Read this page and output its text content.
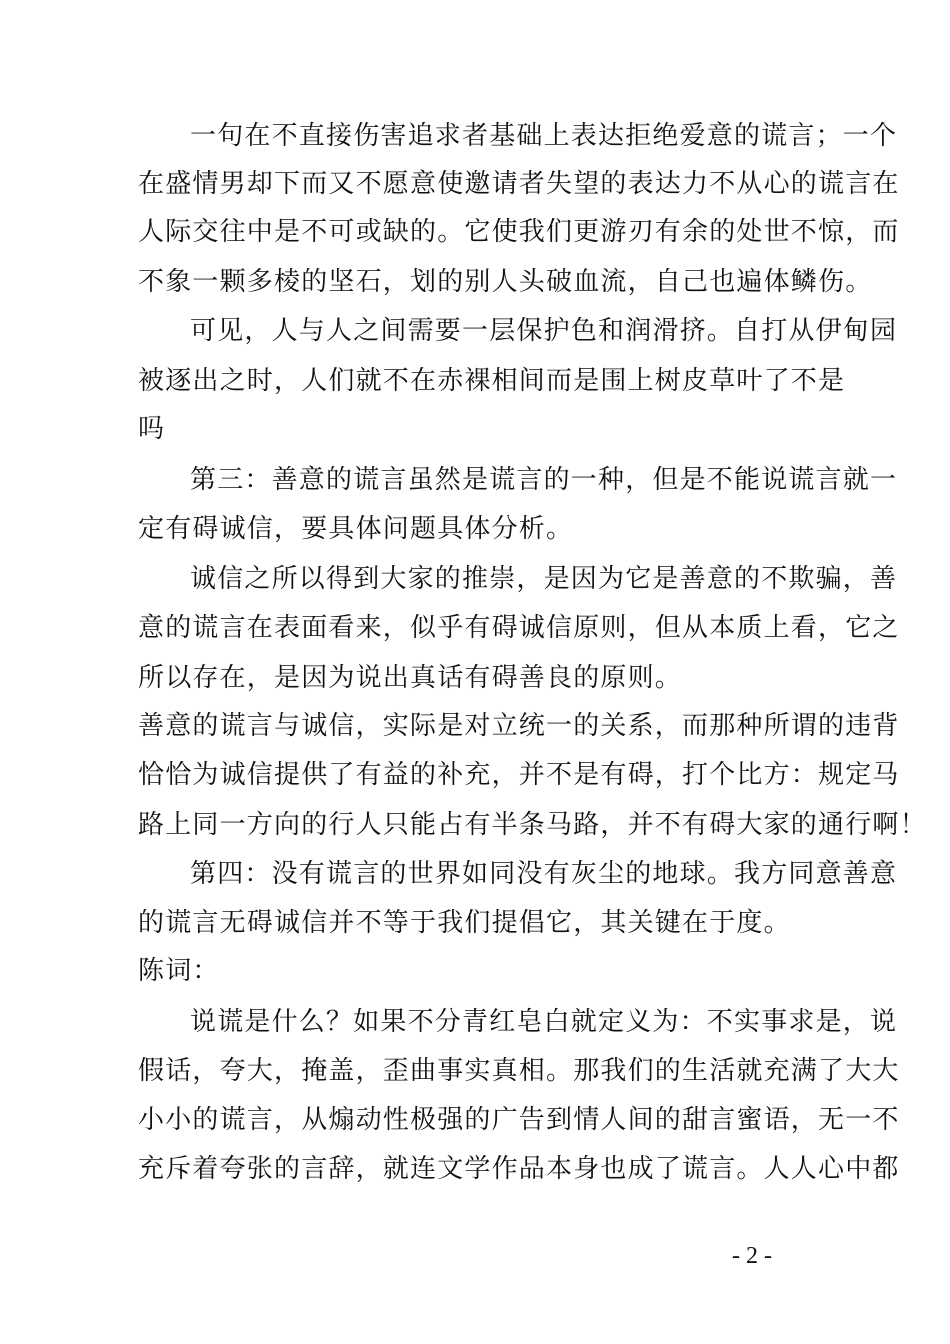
一句在不直接伤害追求者基础上表达拒绝爱意的谎言；一个
在盛情男却下而又不愿意使邀请者失望的表达力不从心的谎言在
人际交往中是不可或缺的。它使我们更游刃有余的处世不惊，而
不象一颗多棱的坚石，划的别人头破血流，自己也遍体鳞伤。
可见，人与人之间需要一层保护色和润滑挤。自打从伊甸园
被逐出之时，人们就不在赤裸相间而是围上树皮草叶了不是
吗
第三：善意的谎言虽然是谎言的一种，但是不能说谎言就一
定有碍诚信，要具体问题具体分析。
诚信之所以得到大家的推崇，是因为它是善意的不欺骗，善
意的谎言在表面看来，似乎有碍诚信原则，但从本质上看，它之
所以存在，是因为说出真话有碍善良的原则。
善意的谎言与诚信，实际是对立统一的关系，而那种所谓的违背
恰恰为诚信提供了有益的补充，并不是有碍，打个比方：规定马
路上同一方向的行人只能占有半条马路，并不有碍大家的通行啊！
第四：没有谎言的世界如同没有灰尘的地球。我方同意善意
的谎言无碍诚信并不等于我们提倡它，其关键在于度。
陈词：
说谎是什么？如果不分青红皂白就定义为：不实事求是，说
假话，夸大，掩盖，歪曲事实真相。那我们的生活就充满了大大
小小的谎言，从煽动性极强的广告到情人间的甜言蜜语，无一不
充斥着夸张的言辞，就连文学作品本身也成了谎言。人人心中都
- 2 -
